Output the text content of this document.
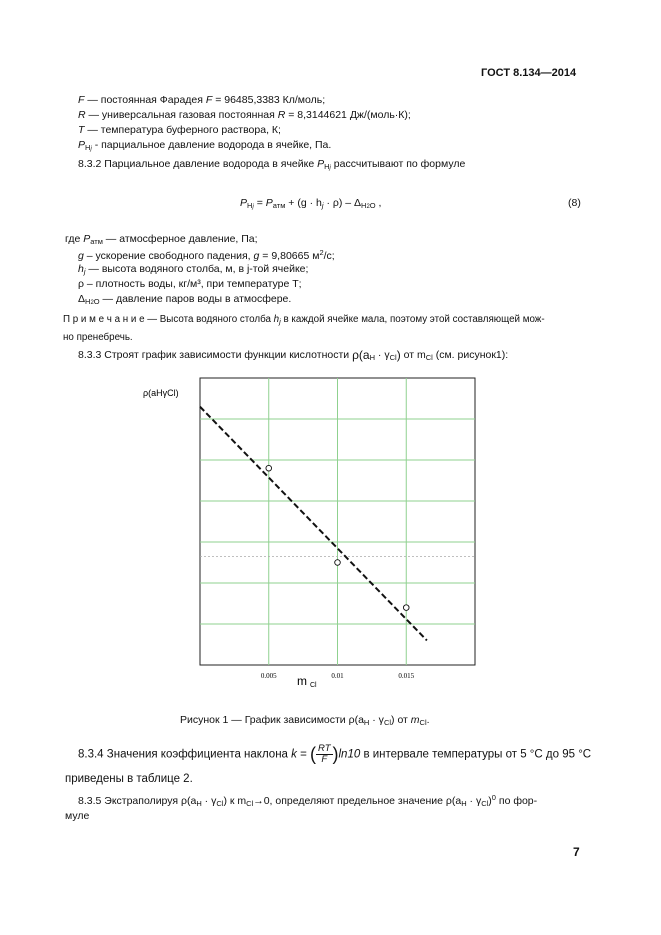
ГОСТ 8.134—2014
F — постоянная Фарадея F = 96485,3383 Кл/моль;
R — универсальная газовая постоянная R = 8,3144621 Дж/(моль·К);
T — температура буферного раствора, К;
$P_{Hj}$ - парциальное давление водорода в ячейке, Па.
8.3.2 Парциальное давление водорода в ячейке $P_{Hj}$ рассчитывают по формуле
$P_{Hj} = P_{атм} + (g \cdot h_j \cdot \rho) - \Delta_{H2O}$ ,	(8)
где $P_{атм}$ — атмосферное давление, Па;
g – ускорение свободного падения, g = 9,80665 $м^2/с$;
$h_j$ — высота водяного столба, м, в j-той ячейке;
ρ – плотность воды, кг/м³, при температуре Т;
$\Delta_{H2O}$ — давление паров воды в атмосфере.
П р и м е ч а н и е — Высота водяного столба $h_j$ в каждой ячейке мала, поэтому этой составляющей мож-
но пренебречь.
8.3.3 Строят график зависимости функции кислотности $\rho(a_H \cdot \gamma_{Cl})$ от $m_{Cl}$ (см. рисунок1):
ρ(aHγCl)
0.005	0.01	0.015
m Cl
Рисунок 1 — График зависимости $\rho(a_H \cdot \gamma_{Cl})$ от $m_{Cl}$.
8.3.4 Значения коэффициента наклона k = ( $\frac{RT}{F} )\ln 10$ в интервале температуры от 5 °С до 95 °С
приведены в таблице 2.
8.3.5 Экстраполируя $\rho(a_H \cdot \gamma_{Cl})$ к $m_{Cl}\to 0$, определяют предельное значение $\rho(a_H \cdot \gamma_{Cl})^0$ по фор-
муле
7
